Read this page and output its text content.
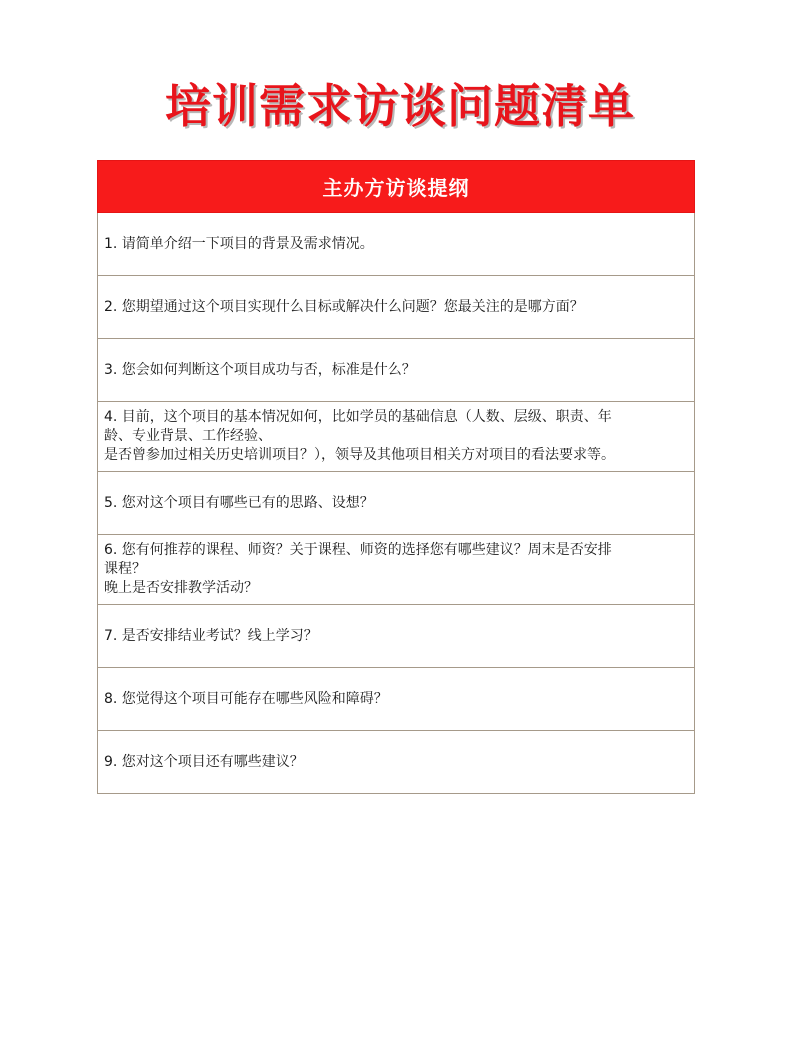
培训需求访谈问题清单
主办方访谈提纲

1. 请简单介绍一下项目的背景及需求情况。

2. 您期望通过这个项目实现什么目标或解决什么问题？您最关注的是哪方面？

3. 您会如何判断这个项目成功与否，标准是什么？

4. 目前，这个项目的基本情况如何，比如学员的基础信息（人数、层级、职责、年
龄、专业背景、工作经验、
是否曾参加过相关历史培训项目？），领导及其他项目相关方对项目的看法要求等。

5. 您对这个项目有哪些已有的思路、设想？

6. 您有何推荐的课程、师资？关于课程、师资的选择您有哪些建议？周末是否安排
课程？
晚上是否安排教学活动？

7. 是否安排结业考试？线上学习？

8. 您觉得这个项目可能存在哪些风险和障碍？

9. 您对这个项目还有哪些建议？
